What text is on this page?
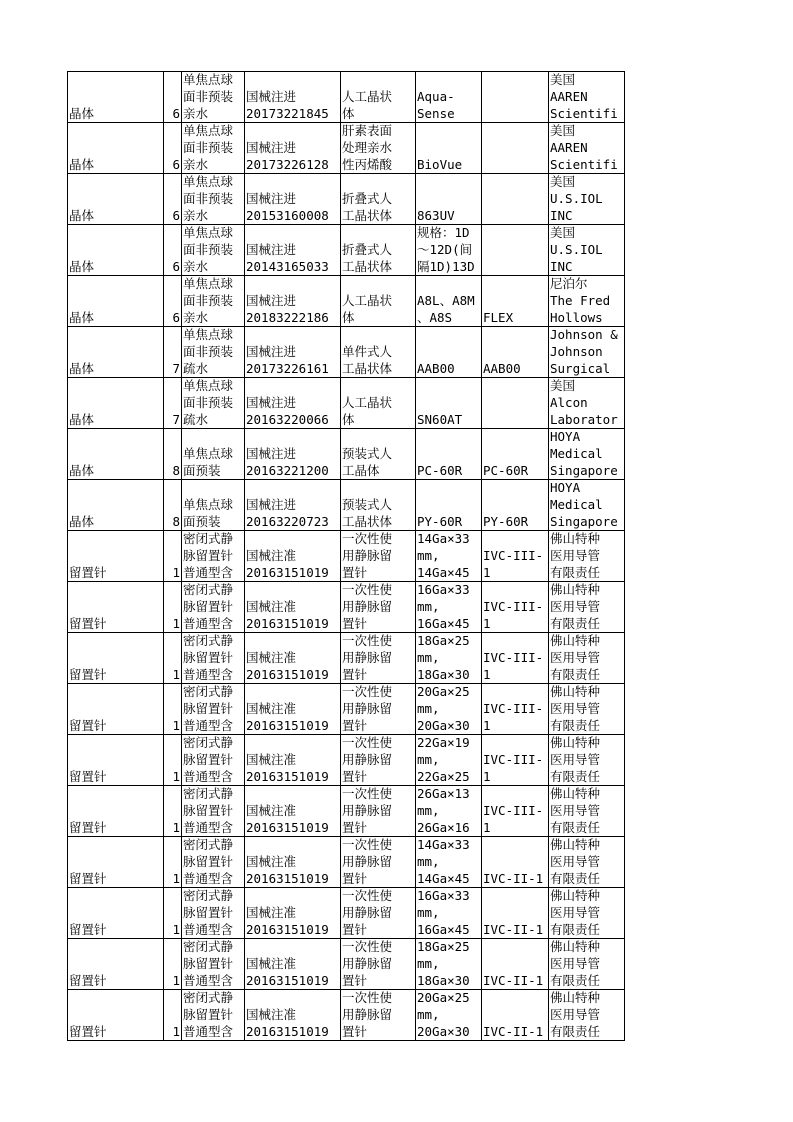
晶体	6	单焦点球
面非预装
亲水	国械注进
20173221845	人工晶状
体	Aqua-
Sense		美国
AAREN
Scientifi

晶体	6	单焦点球
面非预装
亲水	国械注进
20173226128	肝素表面
处理亲水
性丙烯酸	BioVue		美国
AAREN
Scientifi

晶体	6	单焦点球
面非预装
亲水	国械注进
20153160008	折叠式人
工晶状体	863UV		美国
U.S.IOL
INC

晶体	6	单焦点球
面非预装
亲水	国械注进
20143165033	折叠式人
工晶状体	规格：1D
～12D(间
隔1D)13D		美国
U.S.IOL
INC

晶体	6	单焦点球
面非预装
亲水	国械注进
20183222186	人工晶状
体	A8L、A8M
、A8S	FLEX	尼泊尔
The Fred
Hollows

晶体	7	单焦点球
面非预装
疏水	国械注进
20173226161	单件式人
工晶状体	AAB00	AAB00	Johnson &
Johnson
Surgical

晶体	7	单焦点球
面非预装
疏水	国械注进
20163220066	人工晶状
体	SN60AT		美国
Alcon
Laborator

晶体	8	单焦点球
面预装	国械注进
20163221200	预装式人
工晶体	PC-60R	PC-60R	HOYA
Medical
Singapore

晶体	8	单焦点球
面预装	国械注进
20163220723	预装式人
工晶状体	PY-60R	PY-60R	HOYA
Medical
Singapore

留置针	1	密闭式静
脉留置针
普通型含	国械注准
20163151019	一次性使
用静脉留
置针	14Ga×33
mm,
14Ga×45	IVC-III-
1	佛山特种
医用导管
有限责任

留置针	1	密闭式静
脉留置针
普通型含	国械注准
20163151019	一次性使
用静脉留
置针	16Ga×33
mm,
16Ga×45	IVC-III-
1	佛山特种
医用导管
有限责任

留置针	1	密闭式静
脉留置针
普通型含	国械注准
20163151019	一次性使
用静脉留
置针	18Ga×25
mm,
18Ga×30	IVC-III-
1	佛山特种
医用导管
有限责任

留置针	1	密闭式静
脉留置针
普通型含	国械注准
20163151019	一次性使
用静脉留
置针	20Ga×25
mm,
20Ga×30	IVC-III-
1	佛山特种
医用导管
有限责任

留置针	1	密闭式静
脉留置针
普通型含	国械注准
20163151019	一次性使
用静脉留
置针	22Ga×19
mm,
22Ga×25	IVC-III-
1	佛山特种
医用导管
有限责任

留置针	1	密闭式静
脉留置针
普通型含	国械注准
20163151019	一次性使
用静脉留
置针	26Ga×13
mm,
26Ga×16	IVC-III-
1	佛山特种
医用导管
有限责任

留置针	1	密闭式静
脉留置针
普通型含	国械注准
20163151019	一次性使
用静脉留
置针	14Ga×33
mm,
14Ga×45	IVC-II-1	佛山特种
医用导管
有限责任

留置针	1	密闭式静
脉留置针
普通型含	国械注准
20163151019	一次性使
用静脉留
置针	16Ga×33
mm,
16Ga×45	IVC-II-1	佛山特种
医用导管
有限责任

留置针	1	密闭式静
脉留置针
普通型含	国械注准
20163151019	一次性使
用静脉留
置针	18Ga×25
mm,
18Ga×30	IVC-II-1	佛山特种
医用导管
有限责任

留置针	1	密闭式静
脉留置针
普通型含	国械注准
20163151019	一次性使
用静脉留
置针	20Ga×25
mm,
20Ga×30	IVC-II-1	佛山特种
医用导管
有限责任
